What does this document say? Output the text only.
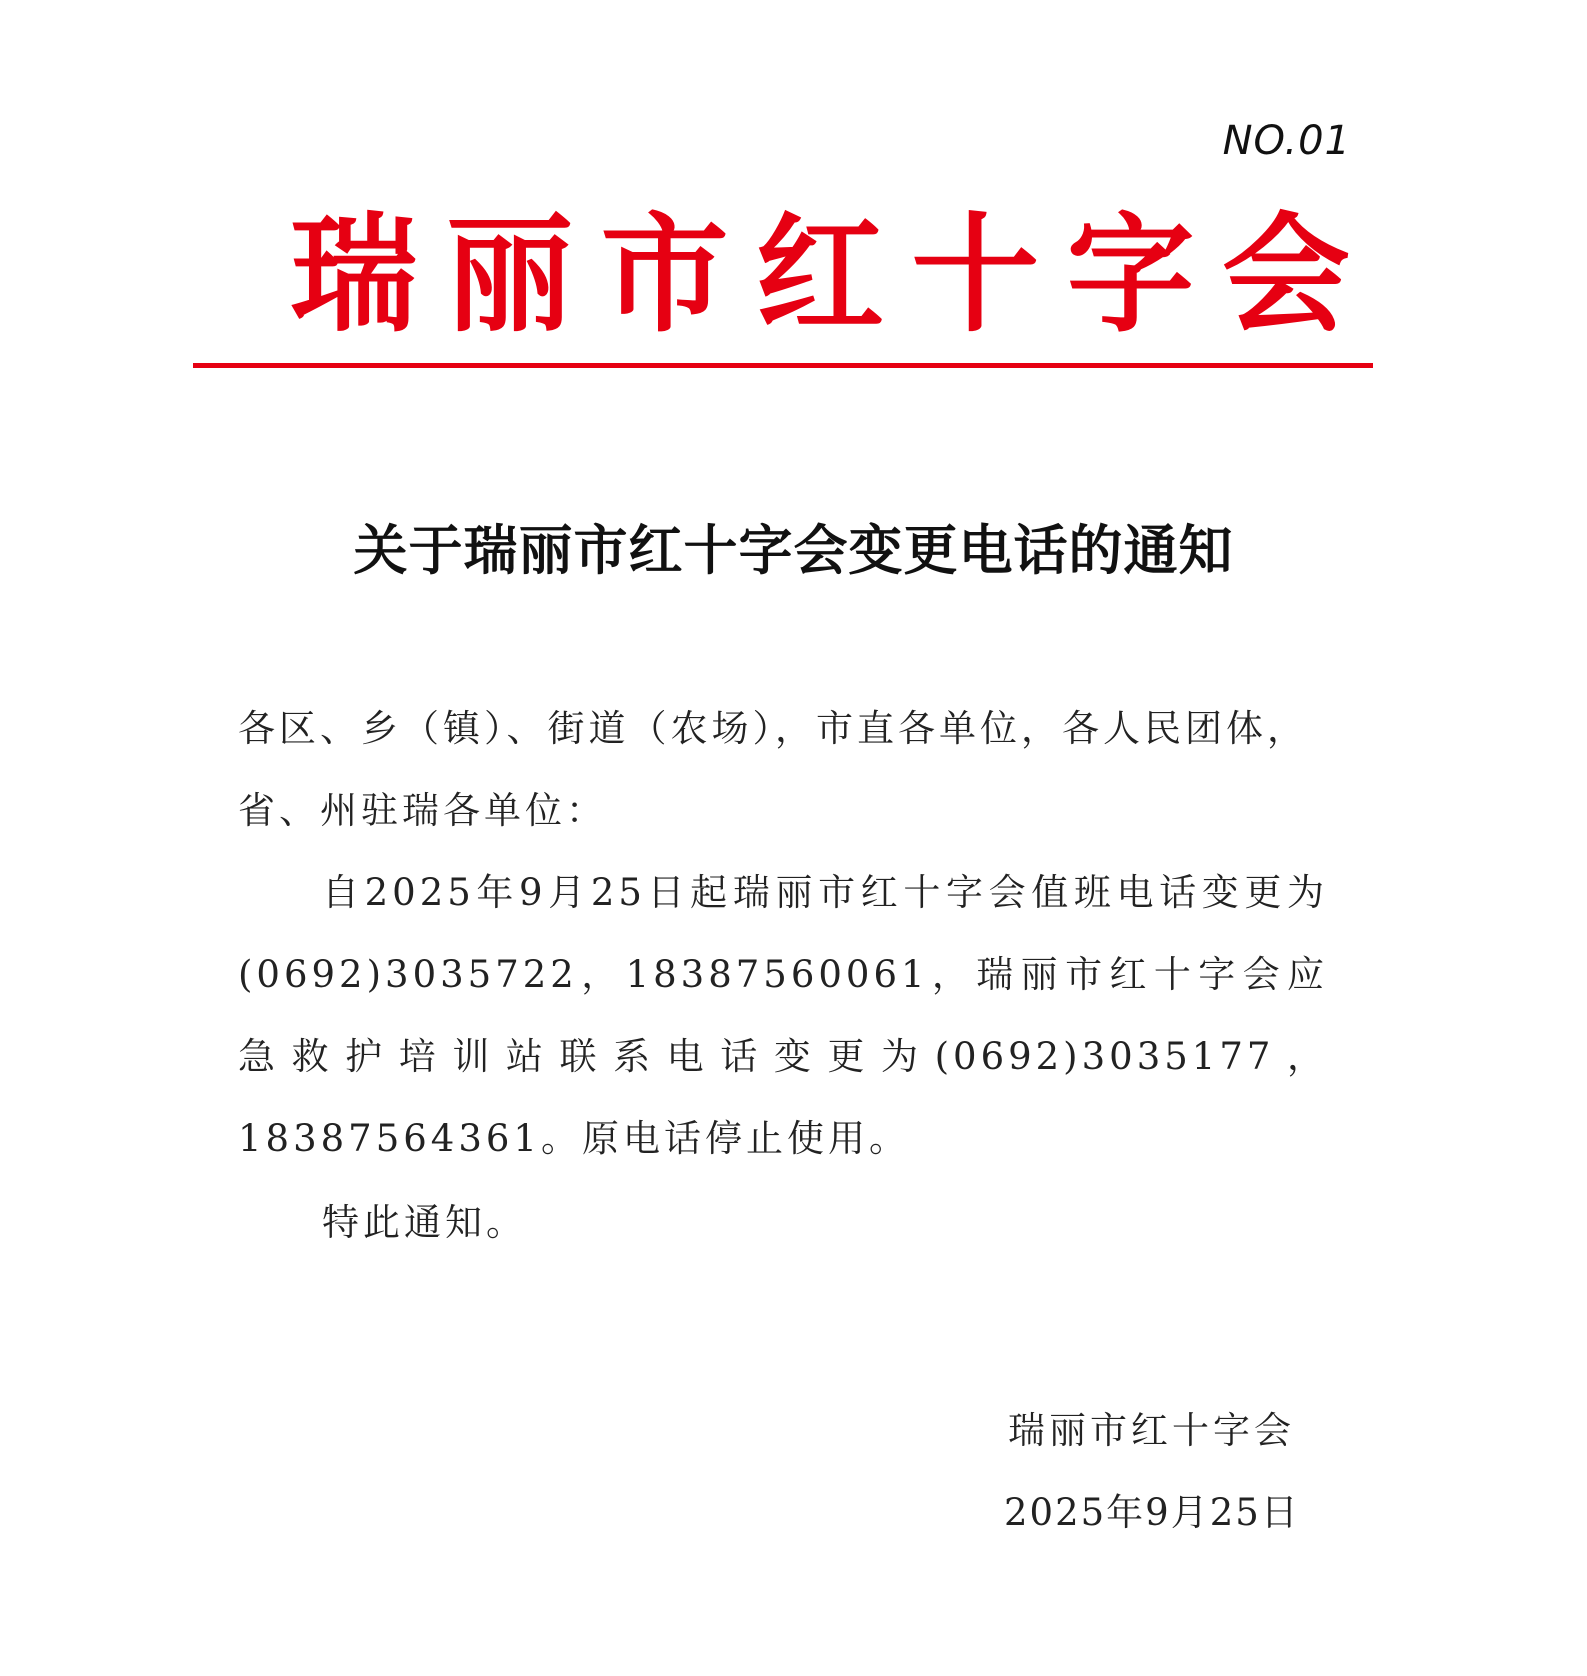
NO.01
瑞 丽 市 红 十 字 会
关于瑞丽市红十字会变更电话的通知
各区、乡（镇）、街道（农场），市直各单位，各人民团体，省、州驻瑞各单位：
自2025年9月25日起瑞丽市红十字会值班电话变更为(0692)3035722，18387560061，瑞丽市红十字会应急救护培训站联系电话变更为(0692)3035177，18387564361。原电话停止使用。
特此通知。
瑞丽市红十字会
2025年9月25日
